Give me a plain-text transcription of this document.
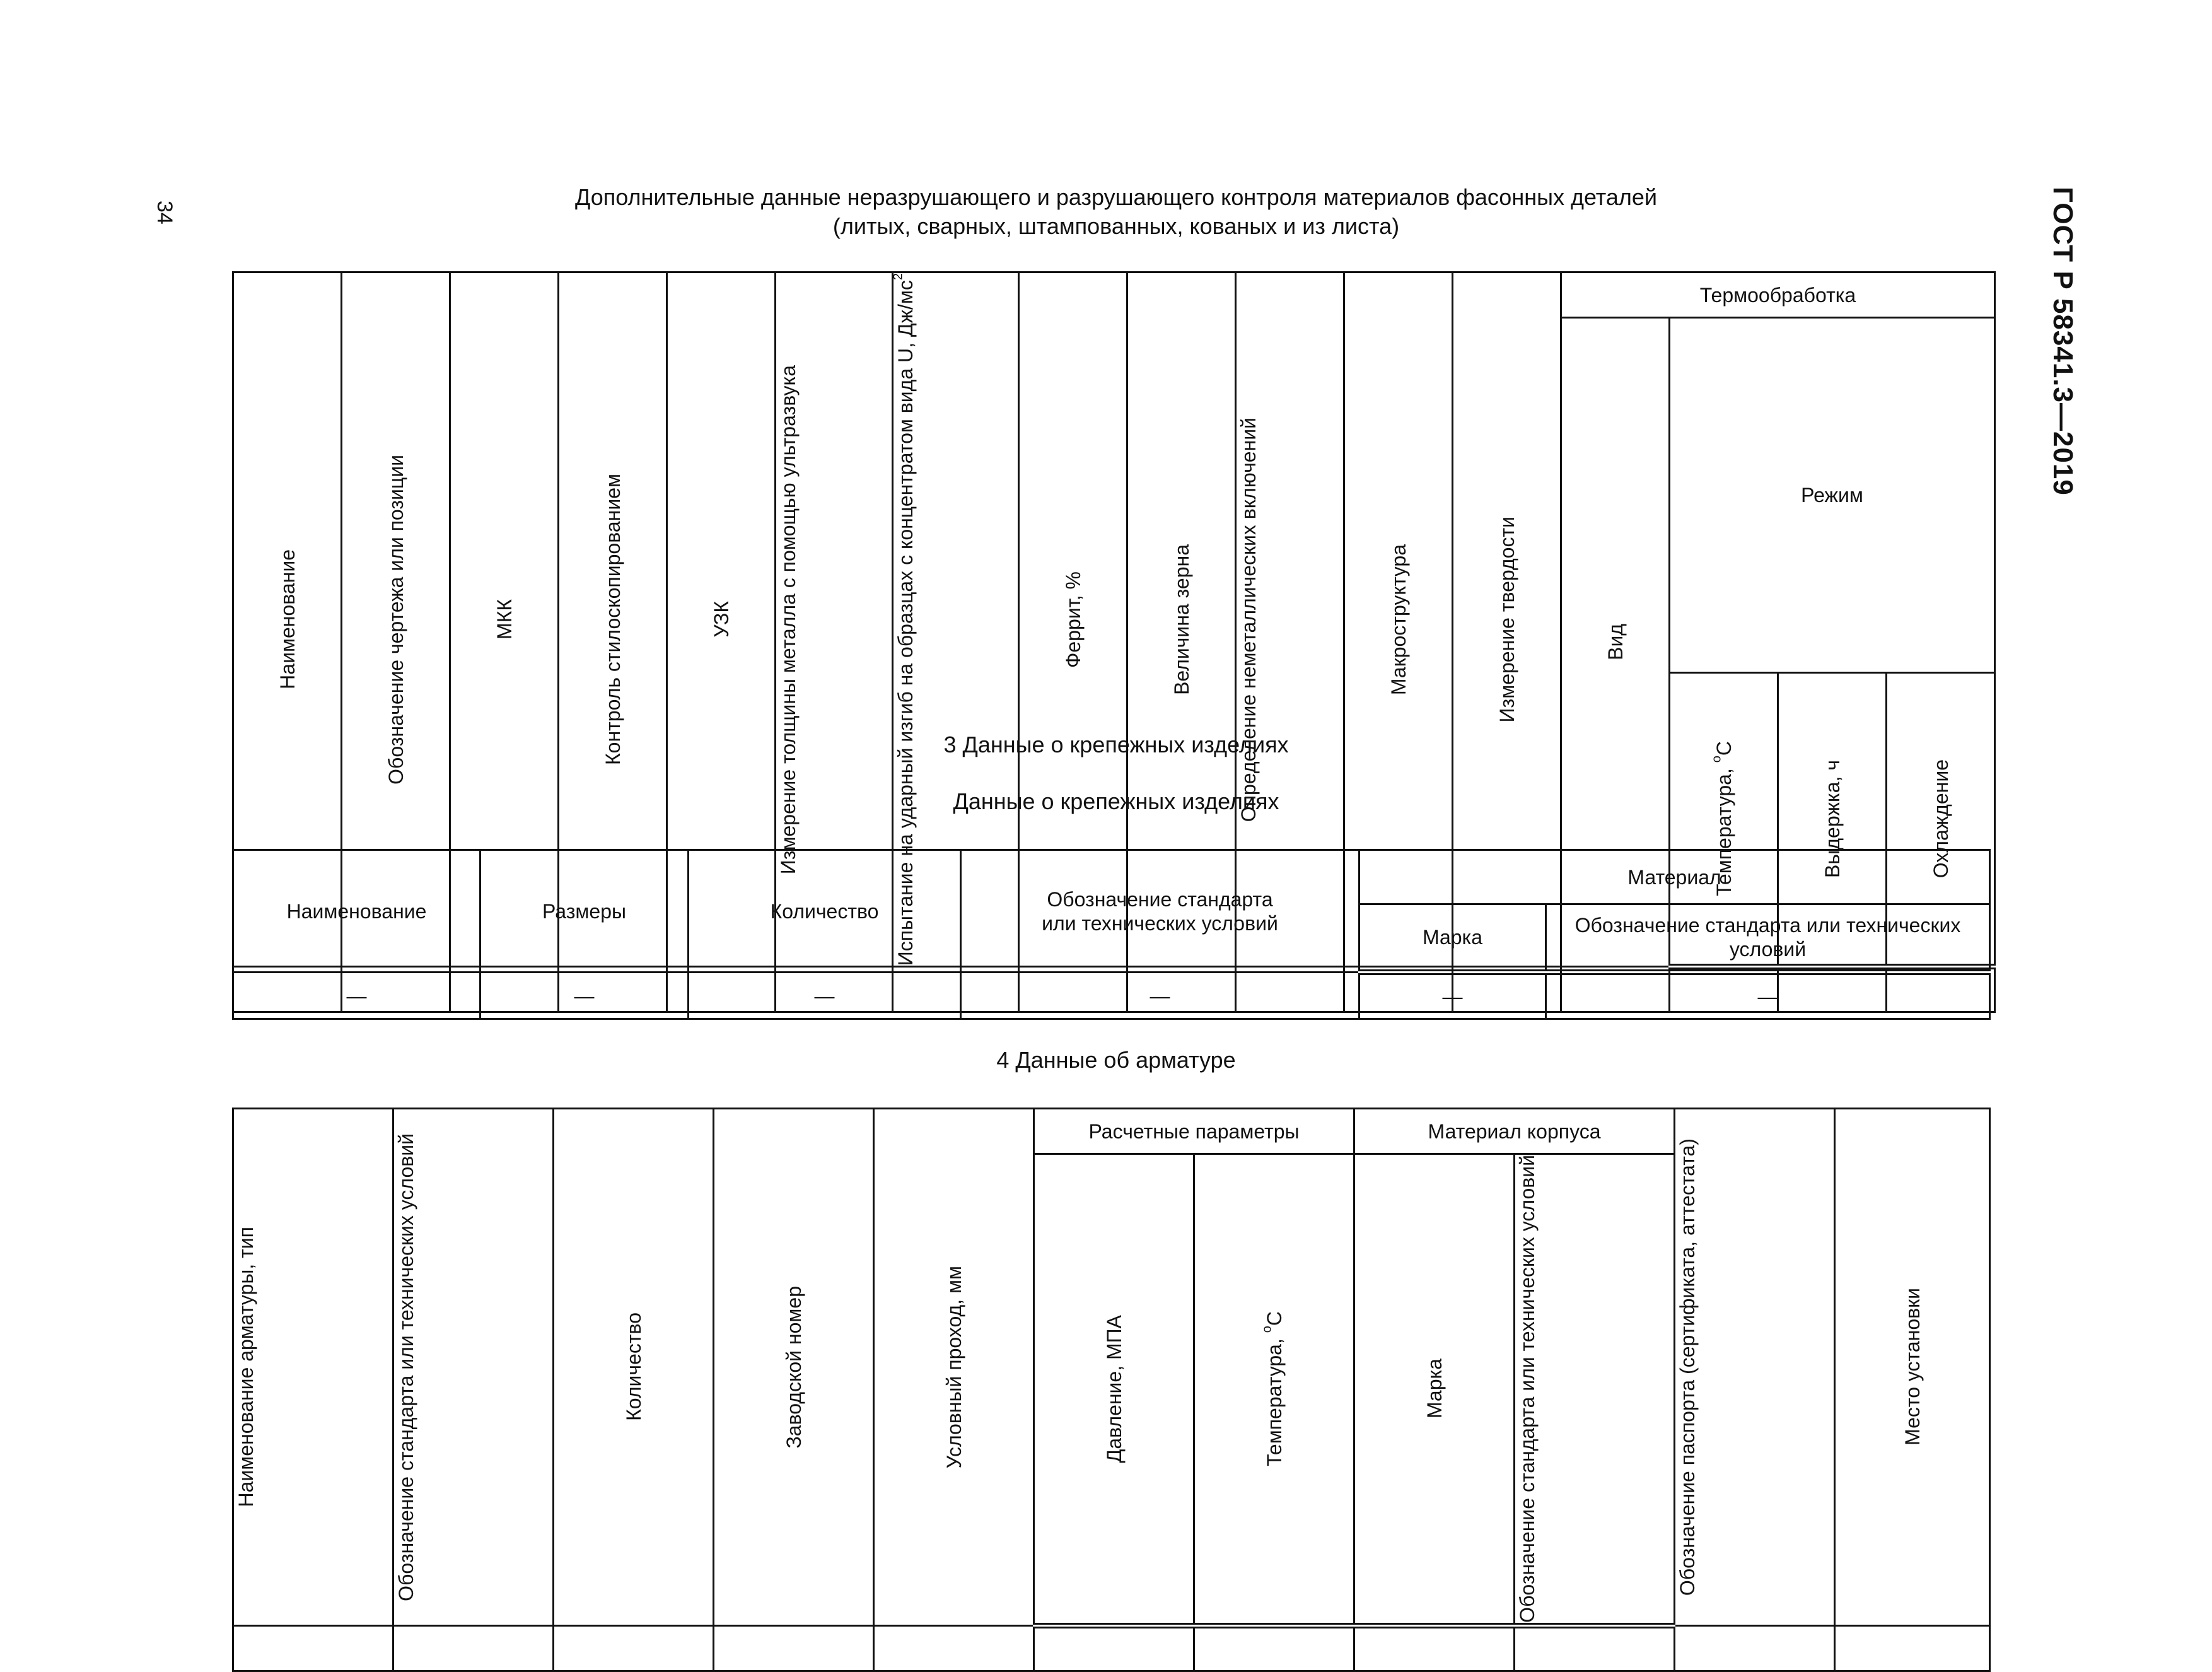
34	ГОСТ Р 58341.3—2019
Дополнительные данные неразрушающего и разрушающего контроля материалов фасонных деталей
(литых, сварных, штампованных, кованых и из листа)
Наименование	Обозначение чертежа или позиции	МКК	Контроль стилоскопированием	УЗК	Измерение толщины металла с помощью ультразвука	Испытание на ударный изгиб на образцах с концентратом вида U, $Дж/мс^2$	Феррит, %	Величина зерна	Определение неметаллических включений	Макроструктура	Измерение твердости	Термообработка			

												Вид	Режим		

													Температура, $^o$C	Выдержка, ч	Охлаждение

3 Данные о крепежных изделиях
Данные о крепежных изделиях
Наименование	Размеры	Количество	Обозначение стандарта или технических условий	Материал	
				Марка	Обозначение стандарта или технических условий

—	—	—	—	—	—
4 Данные об арматуре
Наименование арматуры, тип	Обозначение стандарта или технических условий	Количество	Заводской номер	Условный проход, мм	Расчетные параметры		Материал корпуса		Обозначение паспорта (сертификата, аттестата)	Место установки

					Давление, МПА	Температура, $^o$C	Марка	Обозначение стандарта или технических условий		
